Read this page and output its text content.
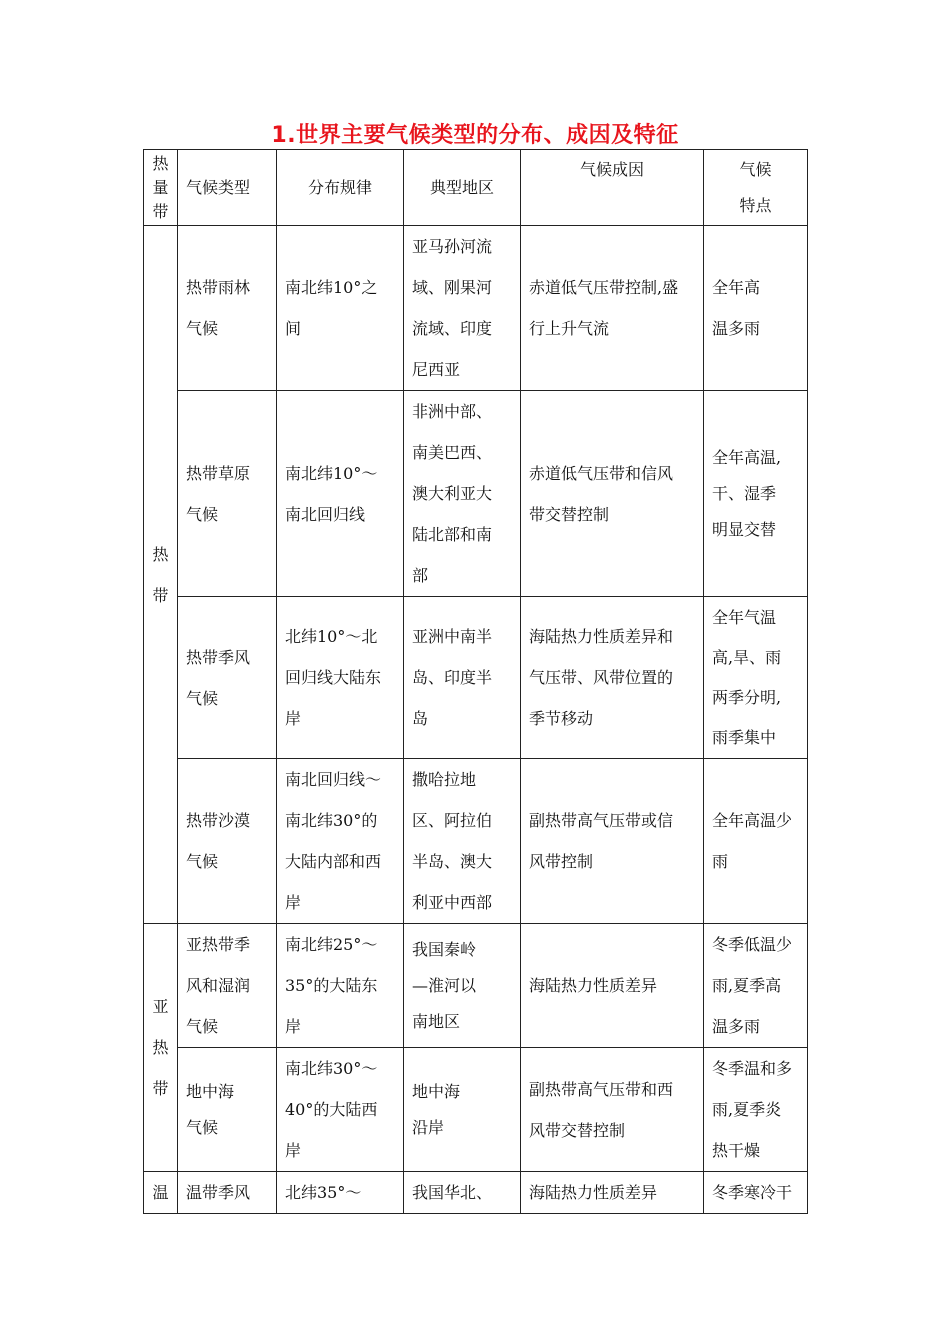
1.世界主要气候类型的分布、成因及特征
热
量
带	气候类型	分布规律	典型地区	气候成因	气候
特点

热
带	热带雨林
气候	南北纬10°之
间	亚马孙河流
域、刚果河
流域、印度
尼西亚	赤道低气压带控制,盛
行上升气流	全年高
温多雨

	热带草原
气候	南北纬10°～
南北回归线	非洲中部、
南美巴西、
澳大利亚大
陆北部和南
部	赤道低气压带和信风
带交替控制	全年高温,
干、湿季
明显交替

	热带季风
气候	北纬10°～北
回归线大陆东
岸	亚洲中南半
岛、印度半
岛	海陆热力性质差异和
气压带、风带位置的
季节移动	全年气温
高,旱、雨
两季分明,
雨季集中

	热带沙漠
气候	南北回归线～
南北纬30°的
大陆内部和西
岸	撒哈拉地
区、阿拉伯
半岛、澳大
利亚中西部	副热带高气压带或信
风带控制	全年高温少
雨

亚
热
带	亚热带季
风和湿润
气候	南北纬25°～
35°的大陆东
岸	我国秦岭
—淮河以
南地区	海陆热力性质差异	冬季低温少
雨,夏季高
温多雨

	地中海
气候	南北纬30°～
40°的大陆西
岸	地中海
沿岸	副热带高气压带和西
风带交替控制	冬季温和多
雨,夏季炎
热干燥

温	温带季风	北纬35°～	我国华北、	海陆热力性质差异	冬季寒冷干
